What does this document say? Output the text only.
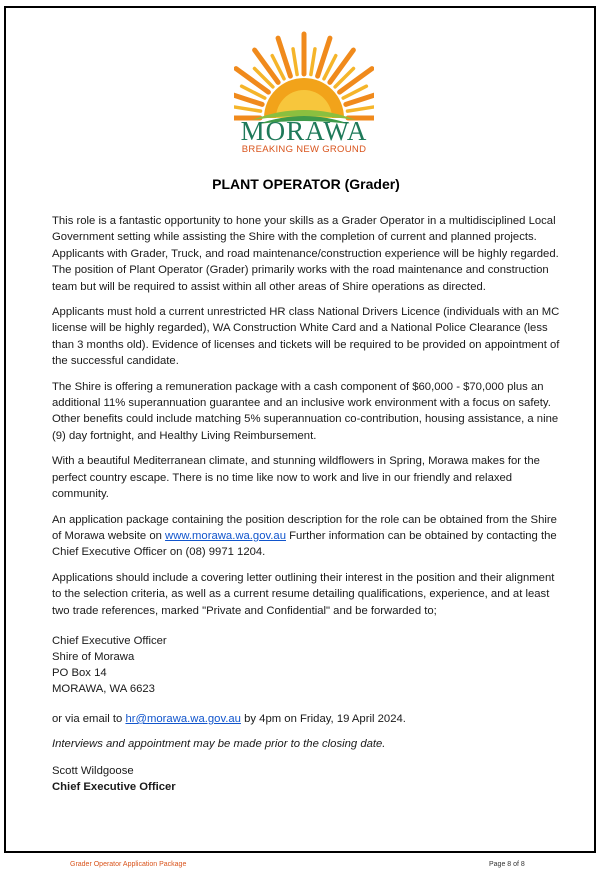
MORAWA
BREAKING NEW GROUND
PLANT OPERATOR (Grader)

This role is a fantastic opportunity to hone your skills as a Grader Operator in a multidisciplined Local Government setting while assisting the Shire with the completion of current and planned projects. Applicants with Grader, Truck, and road maintenance/construction experience will be highly regarded. The position of Plant Operator (Grader) primarily works with the road maintenance and construction team but will be required to assist within all other areas of Shire operations as directed.

Applicants must hold a current unrestricted HR class National Drivers Licence (individuals with an MC license will be highly regarded), WA Construction White Card and a National Police Clearance (less than 3 months old). Evidence of licenses and tickets will be required to be provided on appointment of the successful candidate.

The Shire is offering a remuneration package with a cash component of $60,000 - $70,000 plus an additional 11% superannuation guarantee and an inclusive work environment with a focus on safety. Other benefits could include matching 5% superannuation co-contribution, housing assistance, a nine (9) day fortnight, and Healthy Living Reimbursement.

With a beautiful Mediterranean climate, and stunning wildflowers in Spring, Morawa makes for the perfect country escape. There is no time like now to work and live in our friendly and relaxed community.

An application package containing the position description for the role can be obtained from the Shire of Morawa website on www.morawa.wa.gov.au Further information can be obtained by contacting the Chief Executive Officer on (08) 9971 1204.

Applications should include a covering letter outlining their interest in the position and their alignment to the selection criteria, as well as a current resume detailing qualifications, experience, and at least two trade references, marked "Private and Confidential" and be forwarded to;

Chief Executive Officer
Shire of Morawa
PO Box 14
MORAWA, WA 6623

or via email to hr@morawa.wa.gov.au by 4pm on Friday, 19 April 2024.

Interviews and appointment may be made prior to the closing date.

Scott Wildgoose
Chief Executive Officer
Grader Operator Application Package	Page 8 of 8
